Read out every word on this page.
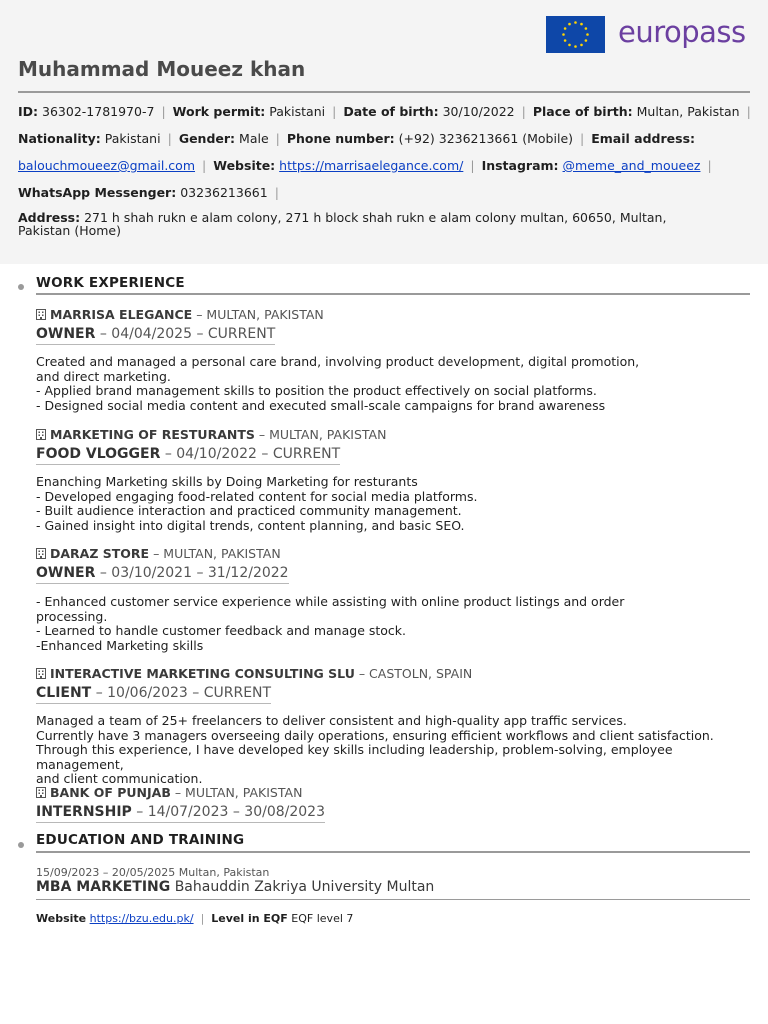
europass
Muhammad Moueez khan
ID: 36302-1781970-7 | Work permit: Pakistani | Date of birth: 30/10/2022 | Place of birth: Multan, Pakistan |
Nationality: Pakistani | Gender: Male | Phone number: (+92) 3236213661 (Mobile) | Email address:
balouchmoueez@gmail.com | Website: https://marrisaelegance.com/ | Instagram: @meme_and_moueez |
WhatsApp Messenger: 03236213661 |
Address: 271 h shah rukn e alam colony, 271 h block shah rukn e alam colony multan, 60650, Multan, Pakistan (Home)
WORK EXPERIENCE
MARRISA ELEGANCE – MULTAN, PAKISTAN
OWNER – 04/04/2025 – CURRENT
Created and managed a personal care brand, involving product development, digital promotion,
and direct marketing.
- Applied brand management skills to position the product effectively on social platforms.
- Designed social media content and executed small-scale campaigns for brand awareness
MARKETING OF RESTURANTS – MULTAN, PAKISTAN
FOOD VLOGGER – 04/10/2022 – CURRENT
Enanching Marketing skills by Doing Marketing for resturants
- Developed engaging food-related content for social media platforms.
- Built audience interaction and practiced community management.
- Gained insight into digital trends, content planning, and basic SEO.
DARAZ STORE – MULTAN, PAKISTAN
OWNER – 03/10/2021 – 31/12/2022
- Enhanced customer service experience while assisting with online product listings and order
processing.
- Learned to handle customer feedback and manage stock.
-Enhanced Marketing skills
INTERACTIVE MARKETING CONSULTING SLU – CASTOLN, SPAIN
CLIENT – 10/06/2023 – CURRENT
Managed a team of 25+ freelancers to deliver consistent and high-quality app traffic services.
Currently have 3 managers overseeing daily operations, ensuring efficient workflows and client satisfaction.
Through this experience, I have developed key skills including leadership, problem-solving, employee management,
and client communication.
BANK OF PUNJAB – MULTAN, PAKISTAN
INTERNSHIP – 14/07/2023 – 30/08/2023
EDUCATION AND TRAINING
15/09/2023 – 20/05/2025 Multan, Pakistan
MBA MARKETING Bahauddin Zakriya University Multan
Website https://bzu.edu.pk/ | Level in EQF EQF level 7
